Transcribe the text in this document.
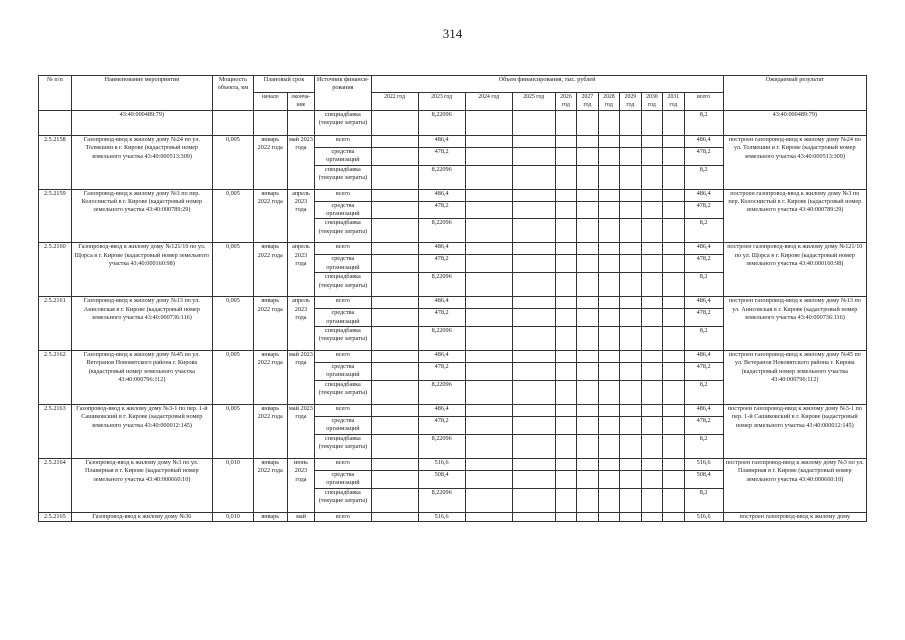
314
№ п/п	Наименование мероприятия	Мощность объекта, км	Плановый срок		Источник финанси-рования	Объем финансирования, тыс. рублей											Ожидаемый результат
			начало	оконча-ние		2022 год	2023 год	2024 год	2025 год	2026 год	2027 год	2028 год	2029 год	2030 год	2031 год	всего	
	43:40:000489:79)				спецнадбавка (текущие затраты)		8,22096									8,2	43:40:000489:79)
2.5.2158	Газопровод-ввод к жилому дому №24 по ул. Толмешин в г. Кирове (кадастровый номер земельного участка 43:40:000513:309)	0,005	январь 2022 года	май 2023 года	всего		486,4									486,4	построен газопровод-ввод к жилому дому №24 по ул. Толмешин в г. Кирове (кадастровый номер земельного участка 43:40:000513:309)
					средства организаций		478,2									478,2	
					спецнадбавка (текущие затраты)		8,22096									8,2	
2.5.2159	Газопровод-ввод к жилому дому №3 по пер. Колоснистый в г. Кирове (кадастровый номер земельного участка 43:40:000789:29)	0,005	январь 2022 года	апрель 2023 года	всего		486,4									486,4	построен газопровод-ввод к жилому дому №3 по пер. Колоснистый в г. Кирове (кадастровый номер земельного участка 43:40:000789:29)
					средства организаций		478,2									478,2	
					спецнадбавка (текущие затраты)		8,22096									8,2	
2.5.2160	Газопровод-ввод к жилому дому №121/10 по ул. Щорса в г. Кирове (кадастровый номер земельного участка 43:40:000160:98)	0,005	январь 2022 года	апрель 2023 года	всего		486,4									486,4	построен газопровод-ввод к жилому дому №121/10 по ул. Щорса в г. Кирове (кадастровый номер земельного участка 43:40:000160:98)
					средства организаций		478,2									478,2	
					спецнадбавка (текущие затраты)		8,22096									8,2	
2.5.2161	Газопровод-ввод к жилому дому №13 по ул. Анисовская в г. Кирове (кадастровый номер земельного участка 43:40:000736:116)	0,005	январь 2022 года	апрель 2023 года	всего		486,4									486,4	построен газопровод-ввод к жилому дому №13 по ул. Анисовская в г. Кирове (кадастровый номер земельного участка 43:40:000736:116)
					средства организаций		478,2									478,2	
					спецнадбавка (текущие затраты)		8,22096									8,2	
2.5.2162	Газопровод-ввод к жилому дому №45 по ул. Ветеранов Нововятского района г. Кирова (кадастровый номер земельного участка 43:40:000796:112)	0,005	январь 2022 года	май 2023 года	всего		486,4									486,4	построен газопровод-ввод к жилому дому №45 по ул. Ветеранов Нововятского района г. Кирова (кадастровый номер земельного участка 43:40:000796:112)
					средства организаций		478,2									478,2	
					спецнадбавка (текущие затраты)		8,22096									8,2	
2.5.2163	Газопровод-ввод к жилому дому №3-1 по пер. 1-й Сашиковский в г. Кирове (кадастровый номер земельного участка 43:40:000012:145)	0,005	январь 2022 года	май 2023 года	всего		486,4									486,4	построен газопровод-ввод к жилому дому №3-1 по пер. 1-й Сашиковский в г. Кирове (кадастровый номер земельного участка 43:40:000012:145)
					средства организаций		478,2									478,2	
					спецнадбавка (текущие затраты)		8,22096									8,2	
2.5.2164	Газопровод-ввод к жилому дому №3 по ул. Плавирная в г. Кирове (кадастровый номер земельного участка 43:40:000660:10)	0,010	январь 2022 года	июнь 2023 года	всего		516,6									516,6	построен газопровод-ввод к жилому дому №3 по ул. Плавирная в г. Кирове (кадастровый номер земельного участка 43:40:000660:10)
					средства организаций		508,4									508,4	
					спецнадбавка (текущие затраты)		8,22096									8,2	
2.5.2165	Газопровод-ввод к жилому дому №36	0,010	январь	май	всего		516,6									516,6	построен газопровод-ввод к жилому дому
